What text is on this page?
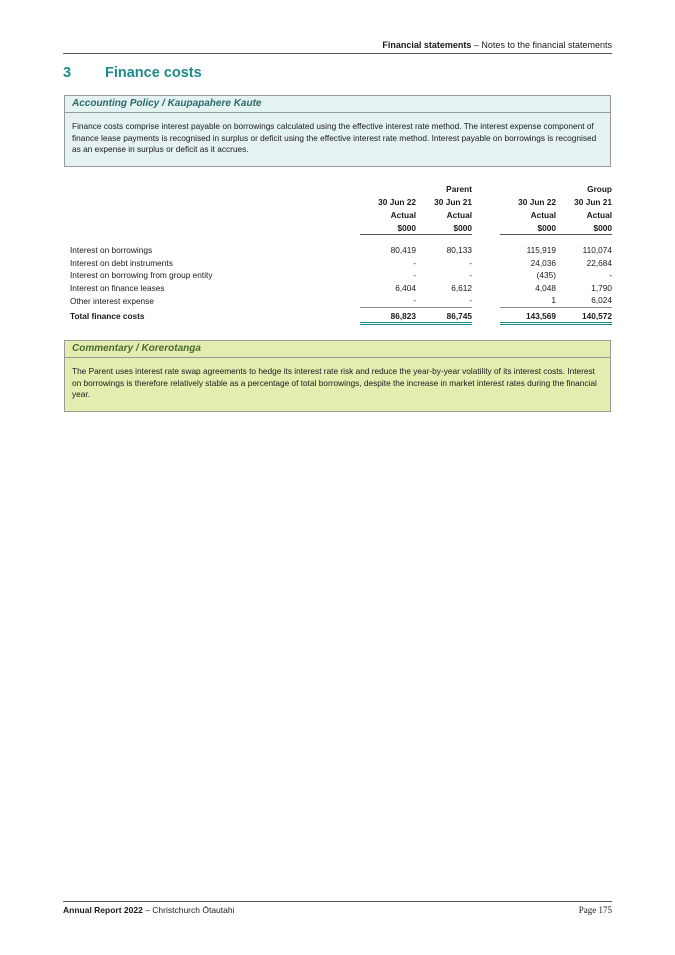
Financial statements – Notes to the financial statements
3 Finance costs
Accounting Policy / Kaupapahere Kaute
Finance costs comprise interest payable on borrowings calculated using the effective interest rate method. The interest expense component of finance lease payments is recognised in surplus or deficit using the effective interest rate method. Interest payable on borrowings is recognised as an expense in surplus or deficit as it accrues.
		Parent			Group
	30 Jun 22	30 Jun 21		30 Jun 22	30 Jun 21
	Actual	Actual		Actual	Actual
	$000	$000		$000	$000

Interest on borrowings	80,419	80,133		115,919	110,074
Interest on debt instruments	-	-		24,036	22,684
Interest on borrowing from group entity	-	-		(435)	-
Interest on finance leases	6,404	6,612		4,048	1,790
Other interest expense	-	-		1	6,024
Total finance costs	86,823	86,745		143,569	140,572
Commentary / Korerotanga
The Parent uses interest rate swap agreements to hedge its interest rate risk and reduce the year-by-year volatility of its interest costs. Interest on borrowings is therefore relatively stable as a percentage of total borrowings, despite the increase in market interest rates during the financial year.
Annual Report 2022 – Christchurch Ōtautahi	Page 175
